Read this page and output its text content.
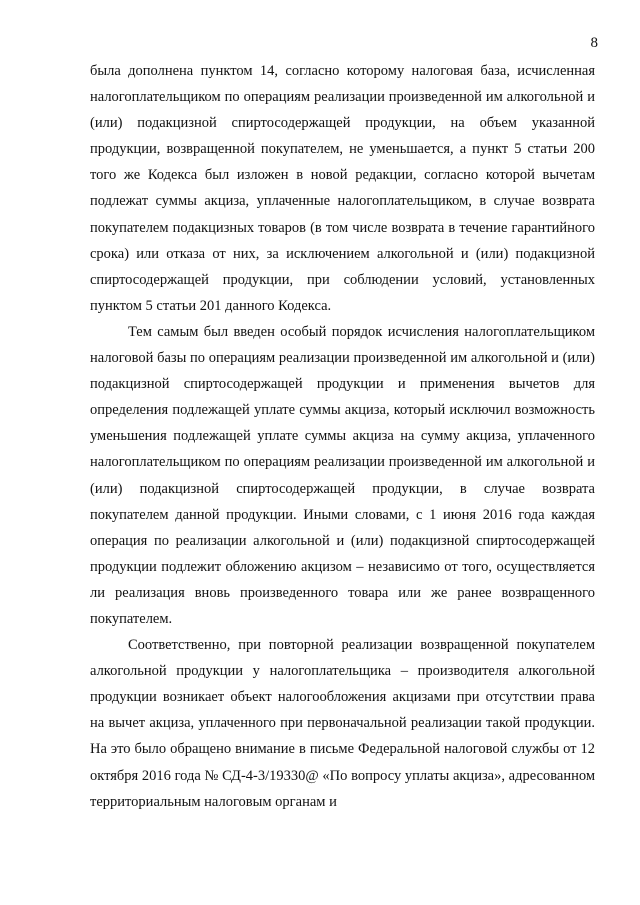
8

была дополнена пунктом 14, согласно которому налоговая база, исчисленная налогоплательщиком по операциям реализации произведенной им алкогольной и (или) подакцизной спиртосодержащей продукции, на объем указанной продукции, возвращенной покупателем, не уменьшается, а пункт 5 статьи 200 того же Кодекса был изложен в новой редакции, согласно которой вычетам подлежат суммы акциза, уплаченные налогоплательщиком, в случае возврата покупателем подакцизных товаров (в том числе возврата в течение гарантийного срока) или отказа от них, за исключением алкогольной и (или) подакцизной спиртосодержащей продукции, при соблюдении условий, установленных пунктом 5 статьи 201 данного Кодекса.

Тем самым был введен особый порядок исчисления налогоплательщиком налоговой базы по операциям реализации произведенной им алкогольной и (или) подакцизной спиртосодержащей продукции и применения вычетов для определения подлежащей уплате суммы акциза, который исключил возможность уменьшения подлежащей уплате суммы акциза на сумму акциза, уплаченного налогоплательщиком по операциям реализации произведенной им алкогольной и (или) подакцизной спиртосодержащей продукции, в случае возврата покупателем данной продукции. Иными словами, с 1 июня 2016 года каждая операция по реализации алкогольной и (или) подакцизной спиртосодержащей продукции подлежит обложению акцизом – независимо от того, осуществляется ли реализация вновь произведенного товара или же ранее возвращенного покупателем.

Соответственно, при повторной реализации возвращенной покупателем алкогольной продукции у налогоплательщика – производителя алкогольной продукции возникает объект налогообложения акцизами при отсутствии права на вычет акциза, уплаченного при первоначальной реализации такой продукции. На это было обращено внимание в письме Федеральной налоговой службы от 12 октября 2016 года № СД-4-3/19330@ «По вопросу уплаты акциза», адресованном территориальным налоговым органам и
